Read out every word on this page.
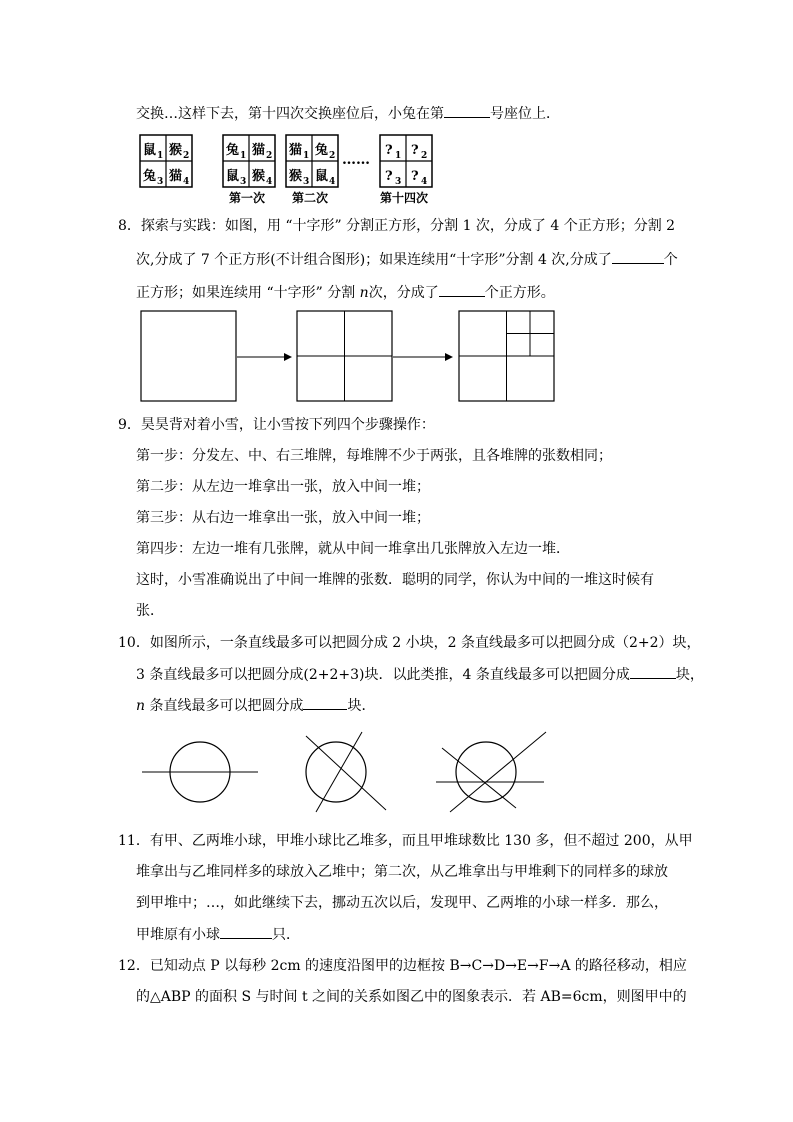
交换…这样下去，第十四次交换座位后，小兔在第	号座位上．
鼠 1 猴 2
兔 3 猫 4
兔 1 猫 2
鼠 3 猴 4
第一次
猫 1 兔 2
猴 3 鼠 4
第二次
……
? 1 ? 2
? 3 ? 4
第十四次
8．探索与实践：如图，用 “十字形” 分割正方形，分割 1 次，分成了 4 个正方形；分割 2
次,分成了 7 个正方形(不计组合图形)；如果连续用“十字形”分割 4 次,分成了	个
正方形；如果连续用 “十字形” 分割 n次，分成了	个正方形。
9．昊昊背对着小雪，让小雪按下列四个步骤操作：
第一步：分发左、中、右三堆牌，每堆牌不少于两张，且各堆牌的张数相同；
第二步：从左边一堆拿出一张，放入中间一堆；
第三步：从右边一堆拿出一张，放入中间一堆；
第四步：左边一堆有几张牌，就从中间一堆拿出几张牌放入左边一堆．
这时，小雪准确说出了中间一堆牌的张数．聪明的同学，你认为中间的一堆这时候有
张．
10．如图所示，一条直线最多可以把圆分成 2 小块，2 条直线最多可以把圆分成（2+2）块，
3 条直线最多可以把圆分成(2+2+3)块．以此类推，4 条直线最多可以把圆分成	块，
n 条直线最多可以把圆分成	块．
11．有甲、乙两堆小球，甲堆小球比乙堆多，而且甲堆球数比 130 多，但不超过 200，从甲
堆拿出与乙堆同样多的球放入乙堆中；第二次，从乙堆拿出与甲堆剩下的同样多的球放
到甲堆中；…，如此继续下去，挪动五次以后，发现甲、乙两堆的小球一样多．那么，
甲堆原有小球	只．
12．已知动点 P 以每秒 2cm 的速度沿图甲的边框按 B→C→D→E→F→A 的路径移动，相应
的△ABP 的面积 S 与时间 t 之间的关系如图乙中的图象表示．若 AB=6cm，则图甲中的
